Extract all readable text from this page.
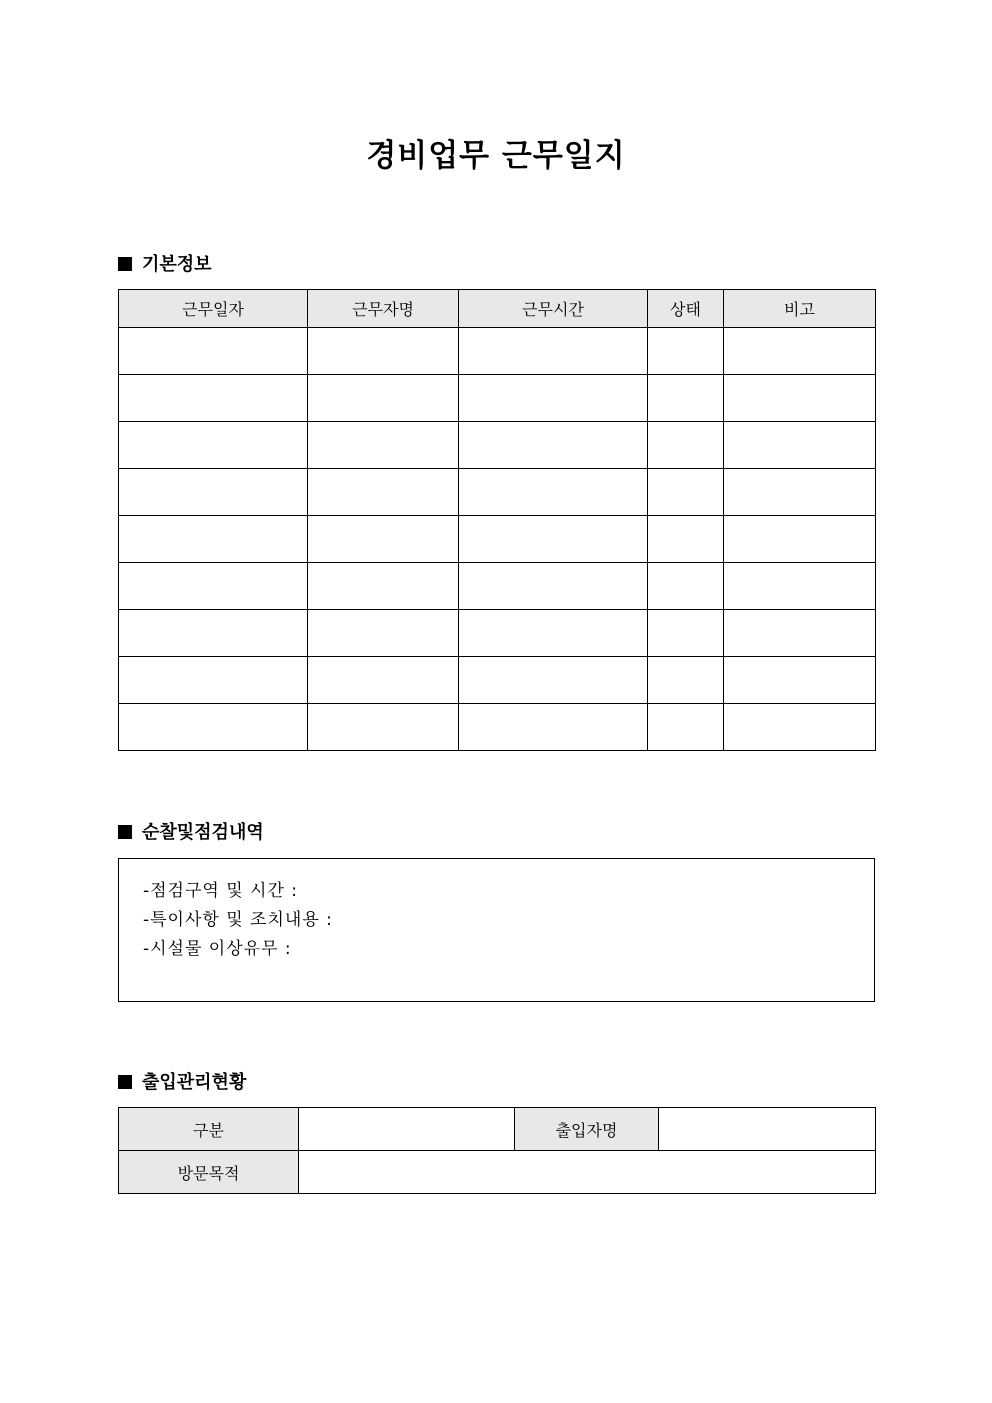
경비업무 근무일지
기본정보
근무일자	근무자명	근무시간	상태	비고

순찰및점검내역
-점검구역 및 시간 :
-특이사항 및 조치내용 :
-시설물 이상유무 :
출입관리현황
구분		출입자명	
방문목적			
